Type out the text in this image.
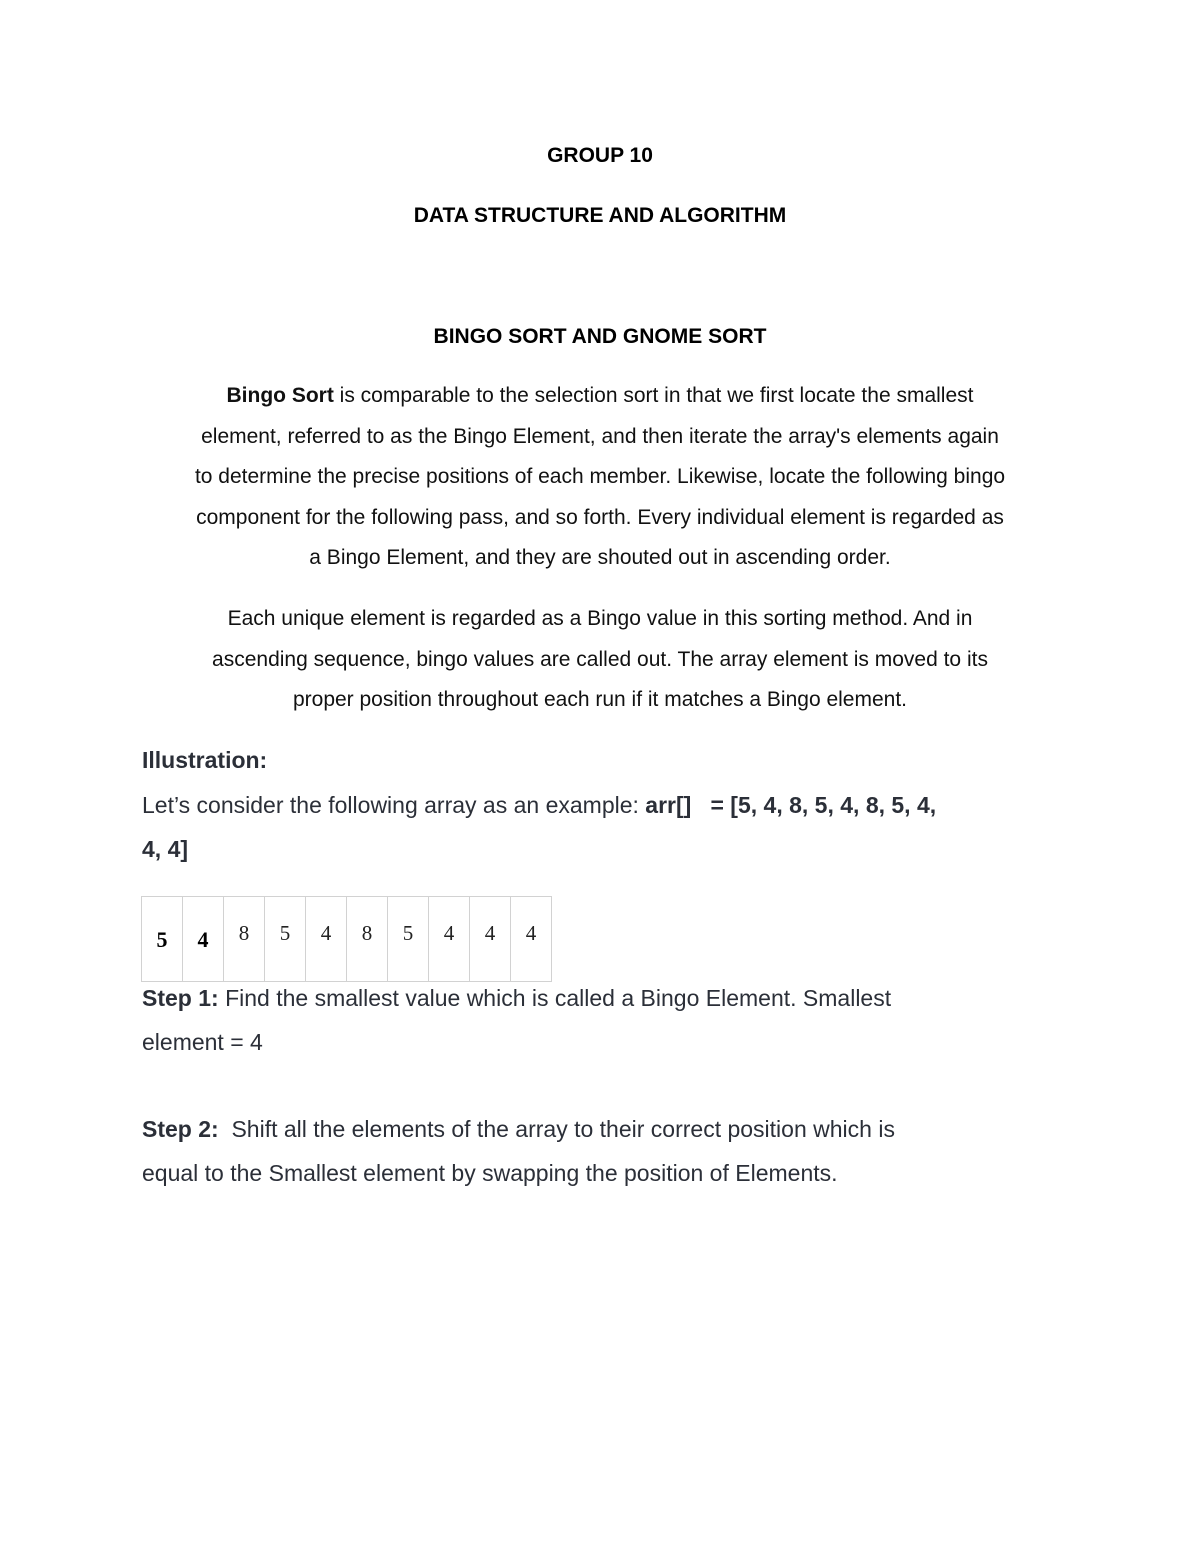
GROUP 10
DATA STRUCTURE AND ALGORITHM
BINGO SORT AND GNOME SORT
Bingo Sort is comparable to the selection sort in that we first locate the smallest
element, referred to as the Bingo Element, and then iterate the array's elements again
to determine the precise positions of each member. Likewise, locate the following bingo
component for the following pass, and so forth. Every individual element is regarded as
a Bingo Element, and they are shouted out in ascending order.
Each unique element is regarded as a Bingo value in this sorting method. And in
ascending sequence, bingo values are called out. The array element is moved to its
proper position throughout each run if it matches a Bingo element.
Illustration:
Let’s consider the following array as an example: arr[]   = [5, 4, 8, 5, 4, 8, 5, 4,
4, 4]
5	4	8	5	4	8	5	4	4	4
Step 1: Find the smallest value which is called a Bingo Element. Smallest
element = 4
Step 2:  Shift all the elements of the array to their correct position which is
equal to the Smallest element by swapping the position of Elements.
